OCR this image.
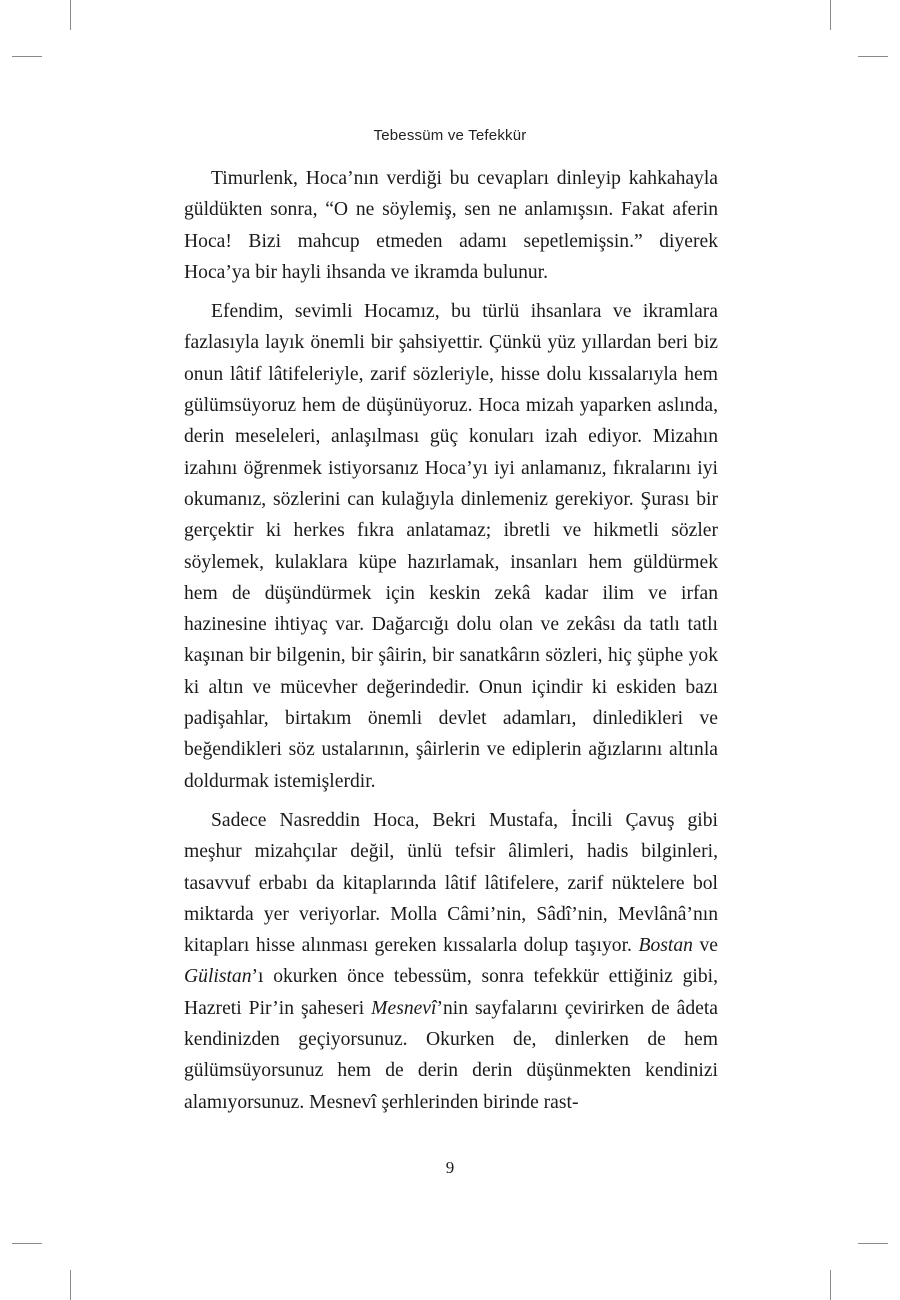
Tebessüm ve Tefekkür

Timurlenk, Hoca’nın verdiği bu cevapları dinleyip kahkahayla güldükten sonra, “O ne söylemiş, sen ne anlamışsın. Fakat aferin Hoca! Bizi mahcup etmeden adamı sepetlemişsin.” diyerek Hoca’ya bir hayli ihsanda ve ikramda bulunur.

Efendim, sevimli Hocamız, bu türlü ihsanlara ve ikramlara fazlasıyla layık önemli bir şahsiyettir. Çünkü yüz yıllardan beri biz onun lâtif lâtifeleriyle, zarif sözleriyle, hisse dolu kıssalarıyla hem gülümsüyoruz hem de düşünüyoruz. Hoca mizah yaparken aslında, derin meseleleri, anlaşılması güç konuları izah ediyor. Mizahın izahını öğrenmek istiyorsanız Hoca’yı iyi anlamanız, fıkralarını iyi okumanız, sözlerini can kulağıyla dinlemeniz gerekiyor. Şurası bir gerçektir ki herkes fıkra anlatamaz; ibretli ve hikmetli sözler söylemek, kulaklara küpe hazırlamak, insanları hem güldürmek hem de düşündürmek için keskin zekâ kadar ilim ve irfan hazinesine ihtiyaç var. Dağarcığı dolu olan ve zekâsı da tatlı tatlı kaşınan bir bilgenin, bir şâirin, bir sanatkârın sözleri, hiç şüphe yok ki altın ve mücevher değerindedir. Onun içindir ki eskiden bazı padişahlar, birtakım önemli devlet adamları, dinledikleri ve beğendikleri söz ustalarının, şâirlerin ve ediplerin ağızlarını altınla doldurmak istemişlerdir.

Sadece Nasreddin Hoca, Bekri Mustafa, İncili Çavuş gibi meşhur mizahçılar değil, ünlü tefsir âlimleri, hadis bilginleri, tasavvuf erbabı da kitaplarında lâtif lâtifelere, zarif nüktelere bol miktarda yer veriyorlar. Molla Câmi’nin, Sâdî’nin, Mevlânâ’nın kitapları hisse alınması gereken kıssalarla dolup taşıyor. Bostan ve Gülistan’ı okurken önce tebessüm, sonra tefekkür ettiğiniz gibi, Hazreti Pir’in şaheseri Mesnevî’nin sayfalarını çevirirken de âdeta kendinizden geçiyorsunuz. Okurken de, dinlerken de hem gülümsüyorsunuz hem de derin derin düşünmekten kendinizi alamıyorsunuz. Mesnevî şerhlerinden birinde rast-

9
